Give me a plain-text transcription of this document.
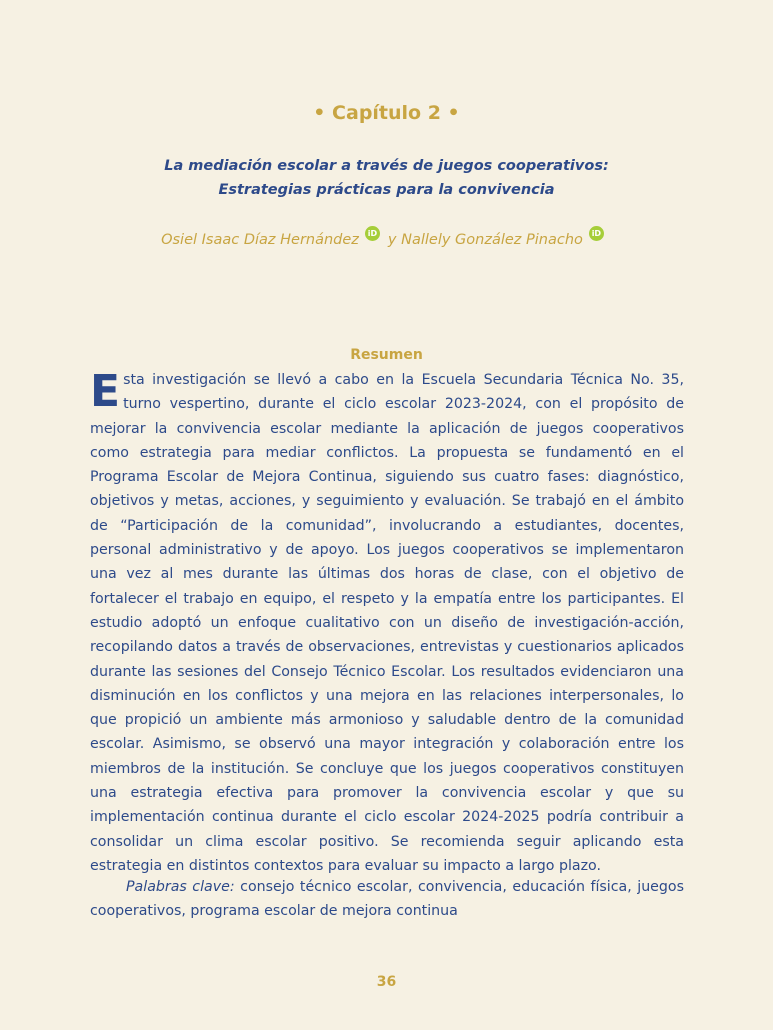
• Capítulo 2 •
La mediación escolar a través de juegos cooperativos:
Estrategias prácticas para la convivencia
Osiel Isaac Díaz Hernández iD y Nallely González Pinacho iD
Resumen

Esta investigación se llevó a cabo en la Escuela Secundaria Técnica No. 35, turno vespertino, durante el ciclo escolar 2023-2024, con el propósito de mejorar la convivencia escolar mediante la aplicación de juegos cooperativos como estrategia para mediar conflictos. La propuesta se fundamentó en el Programa Escolar de Mejora Continua, siguiendo sus cuatro fases: diagnóstico, objetivos y metas, acciones, y seguimiento y evaluación. Se trabajó en el ámbito de “Participación de la comunidad”, involucrando a estudiantes, docentes, personal administrativo y de apoyo. Los juegos cooperativos se implementaron una vez al mes durante las últimas dos horas de clase, con el objetivo de fortalecer el trabajo en equipo, el respeto y la empatía entre los participantes. El estudio adoptó un enfoque cualitativo con un diseño de investigación-acción, recopilando datos a través de observaciones, entrevistas y cuestionarios aplicados durante las sesiones del Consejo Técnico Escolar. Los resultados evidenciaron una disminución en los conflictos y una mejora en las relaciones interpersonales, lo que propició un ambiente más armonioso y saludable dentro de la comunidad escolar. Asimismo, se observó una mayor integración y colaboración entre los miembros de la institución. Se concluye que los juegos cooperativos constituyen una estrategia efectiva para promover la convivencia escolar y que su implementación continua durante el ciclo escolar 2024-2025 podría contribuir a consolidar un clima escolar positivo. Se recomienda seguir aplicando esta estrategia en distintos contextos para evaluar su impacto a largo plazo.

Palabras clave: consejo técnico escolar, convivencia, educación física, juegos cooperativos, programa escolar de mejora continua

36
